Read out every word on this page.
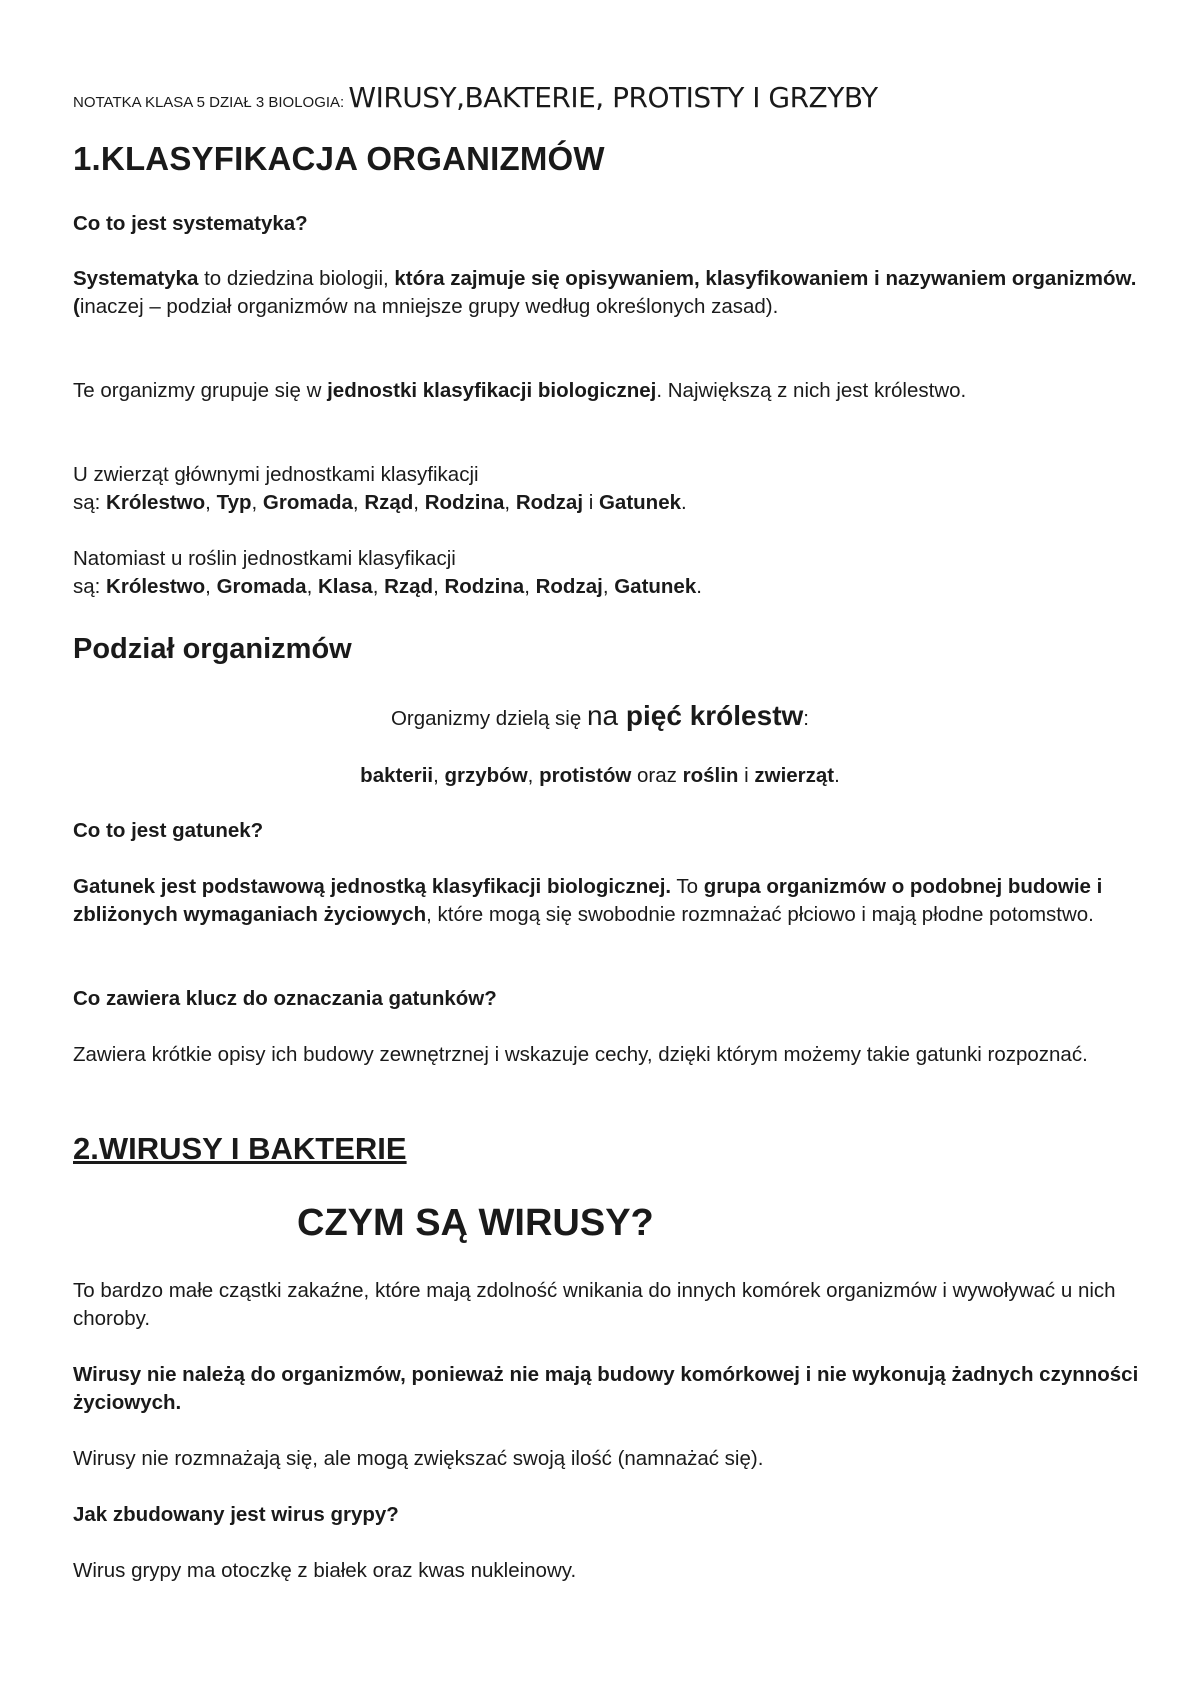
NOTATKA KLASA 5 DZIAŁ 3 BIOLOGIA: WIRUSY,BAKTERIE, PROTISTY I GRZYBY

1.KLASYFIKACJA ORGANIZMÓW

Co to jest systematyka?

Systematyka to dziedzina biologii, która zajmuje się opisywaniem, klasyfikowaniem i nazywaniem organizmów. (inaczej – podział organizmów na mniejsze grupy według określonych zasad).

Te organizmy grupuje się w jednostki klasyfikacji biologicznej. Największą z nich jest królestwo.

U zwierząt głównymi jednostkami klasyfikacji
są: Królestwo, Typ, Gromada, Rząd, Rodzina, Rodzaj i Gatunek.

Natomiast u roślin jednostkami klasyfikacji
są: Królestwo, Gromada, Klasa, Rząd, Rodzina, Rodzaj, Gatunek.

Podział organizmów

Organizmy dzielą się na pięć królestw:

bakterii, grzybów, protistów oraz roślin i zwierząt.

Co to jest gatunek?

Gatunek jest podstawową jednostką klasyfikacji biologicznej. To grupa organizmów o podobnej budowie i zbliżonych wymaganiach życiowych, które mogą się swobodnie rozmnażać płciowo i mają płodne potomstwo.

Co zawiera klucz do oznaczania gatunków?

Zawiera krótkie opisy ich budowy zewnętrznej i wskazuje cechy, dzięki którym możemy takie gatunki rozpoznać.

2.WIRUSY I BAKTERIE

CZYM SĄ WIRUSY?

To bardzo małe cząstki zakaźne, które mają zdolność wnikania do innych komórek organizmów i wywoływać u nich choroby.

Wirusy nie należą do organizmów, ponieważ nie mają budowy komórkowej i nie wykonują żadnych czynności życiowych.

Wirusy nie rozmnażają się, ale mogą zwiększać swoją ilość (namnażać się).

Jak zbudowany jest wirus grypy?

Wirus grypy ma otoczkę z białek oraz kwas nukleinowy.
